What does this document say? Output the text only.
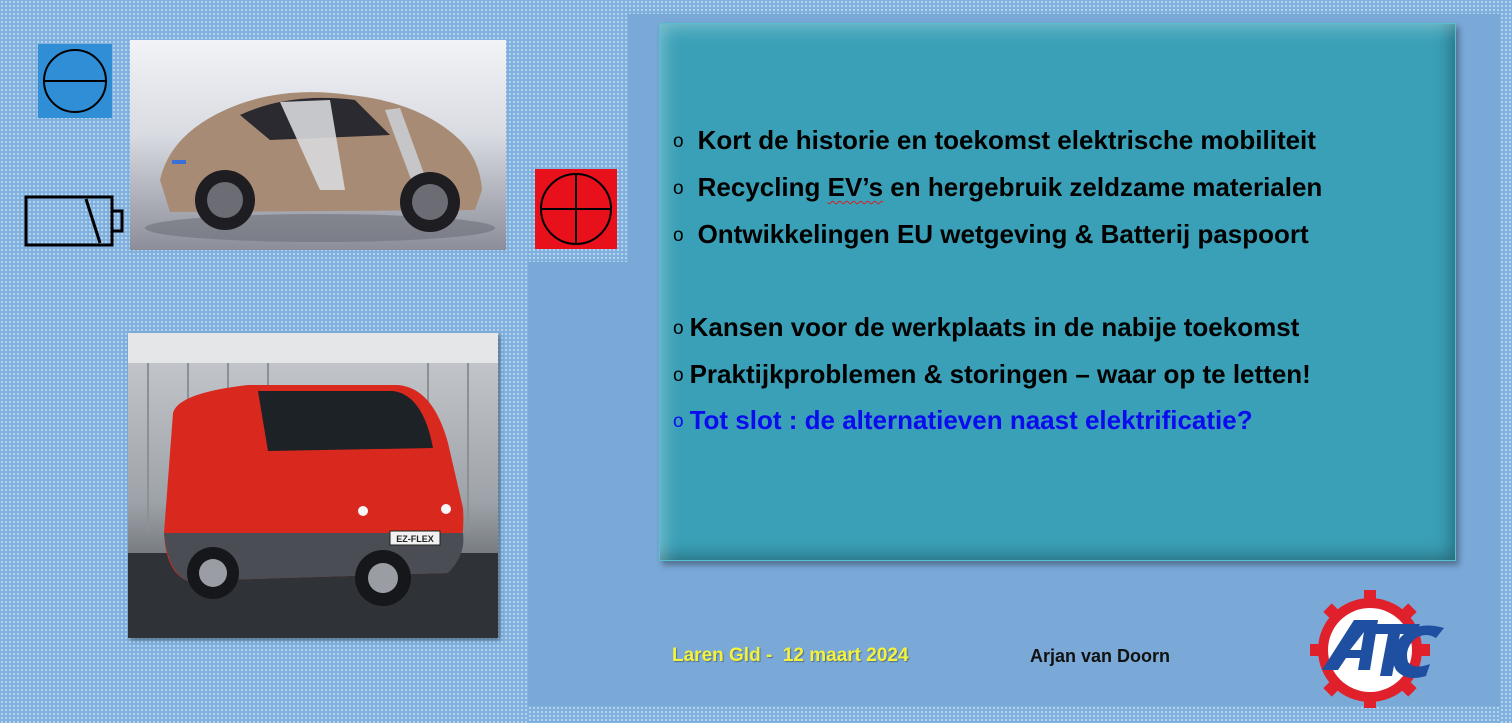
EZ-FLEX
o Kort de historie en toekomst elektrische mobiliteit
o Recycling EV’s en hergebruik zeldzame materialen
o Ontwikkelingen EU wetgeving & Batterij paspoort
o Kansen voor de werkplaats in de nabije toekomst
o Praktijkproblemen & storingen – waar op te letten!
o Tot slot : de alternatieven naast elektrificatie?
Laren Gld -  12 maart 2024	Arjan van Doorn
